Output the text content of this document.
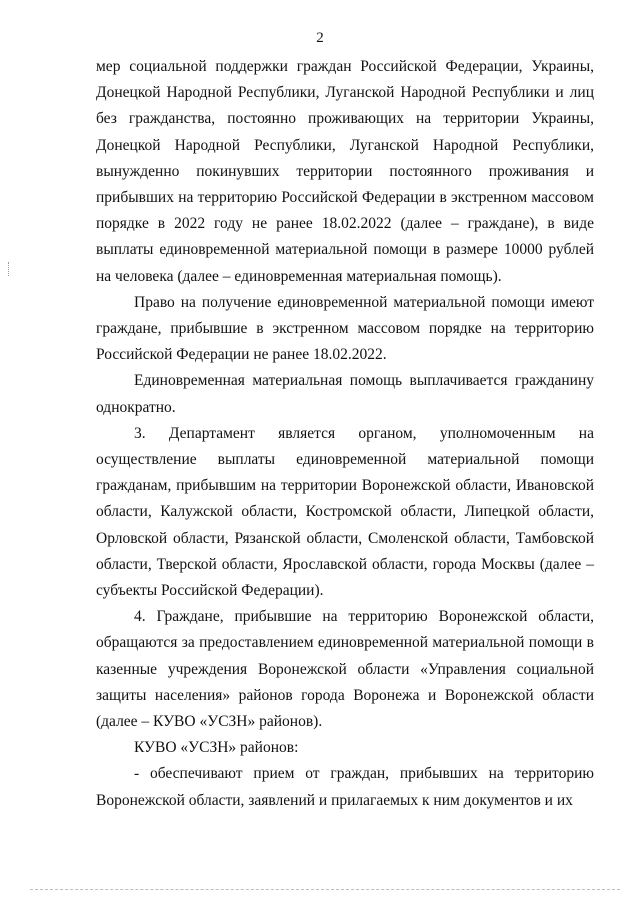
2

мер социальной поддержки граждан Российской Федерации, Украины, Донецкой Народной Республики, Луганской Народной Республики и лиц без гражданства, постоянно проживающих на территории Украины, Донецкой Народной Республики, Луганской Народной Республики, вынужденно покинувших территории постоянного проживания и прибывших на территорию Российской Федерации в экстренном массовом порядке в 2022 году не ранее 18.02.2022 (далее – граждане), в виде выплаты единовременной материальной помощи в размере 10000 рублей на человека (далее – единовременная материальная помощь).

Право на получение единовременной материальной помощи имеют граждане, прибывшие в экстренном массовом порядке на территорию Российской Федерации не ранее 18.02.2022.

Единовременная материальная помощь выплачивается гражданину однократно.

3. Департамент является органом, уполномоченным на осуществление выплаты единовременной материальной помощи гражданам, прибывшим на территории Воронежской области, Ивановской области, Калужской области, Костромской области, Липецкой области, Орловской области, Рязанской области, Смоленской области, Тамбовской области, Тверской области, Ярославской области, города Москвы (далее – субъекты Российской Федерации).

4. Граждане, прибывшие на территорию Воронежской области, обращаются за предоставлением единовременной материальной помощи в казенные учреждения Воронежской области «Управления социальной защиты населения» районов города Воронежа и Воронежской области (далее – КУВО «УСЗН» районов).

КУВО «УСЗН» районов:

- обеспечивают прием от граждан, прибывших на территорию Воронежской области, заявлений и прилагаемых к ним документов и их
